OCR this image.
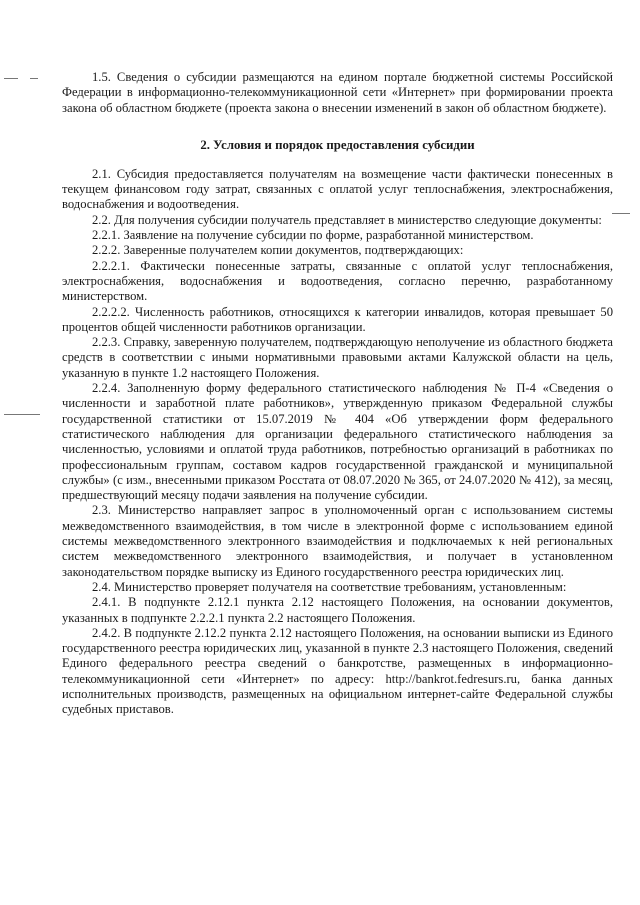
1.5. Сведения о субсидии размещаются на едином портале бюджетной системы Российской Федерации в информационно-телекоммуникационной сети «Интернет» при формировании проекта закона об областном бюджете (проекта закона о внесении изменений в закон об областном бюджете).

2. Условия и порядок предоставления субсидии

2.1. Субсидия предоставляется получателям на возмещение части фактически понесенных в текущем финансовом году затрат, связанных с оплатой услуг теплоснабжения, электроснабжения, водоснабжения и водоотведения.

2.2. Для получения субсидии получатель представляет в министерство следующие документы:

2.2.1. Заявление на получение субсидии по форме, разработанной министерством.

2.2.2. Заверенные получателем копии документов, подтверждающих:

2.2.2.1. Фактически понесенные затраты, связанные с оплатой услуг теплоснабжения, электроснабжения, водоснабжения и водоотведения, согласно перечню, разработанному министерством.

2.2.2.2. Численность работников, относящихся к категории инвалидов, которая превышает 50 процентов общей численности работников организации.

2.2.3. Справку, заверенную получателем, подтверждающую неполучение из областного бюджета средств в соответствии с иными нормативными правовыми актами Калужской области на цель, указанную в пункте 1.2 настоящего Положения.

2.2.4. Заполненную форму федерального статистического наблюдения № П-4 «Сведения о численности и заработной плате работников», утвержденную приказом Федеральной службы государственной статистики от 15.07.2019 № 404 «Об утверждении форм федерального статистического наблюдения для организации федерального статистического наблюдения за численностью, условиями и оплатой труда работников, потребностью организаций в работниках по профессиональным группам, составом кадров государственной гражданской и муниципальной службы» (с изм., внесенными приказом Росстата от 08.07.2020 № 365, от 24.07.2020 № 412), за месяц, предшествующий месяцу подачи заявления на получение субсидии.

2.3. Министерство направляет запрос в уполномоченный орган с использованием системы межведомственного взаимодействия, в том числе в электронной форме с использованием единой системы межведомственного электронного взаимодействия и подключаемых к ней региональных систем межведомственного электронного взаимодействия, и получает в установленном законодательством порядке выписку из Единого государственного реестра юридических лиц.

2.4. Министерство проверяет получателя на соответствие требованиям, установленным:

2.4.1. В подпункте 2.12.1 пункта 2.12 настоящего Положения, на основании документов, указанных в подпункте 2.2.2.1 пункта 2.2 настоящего Положения.

2.4.2. В подпункте 2.12.2 пункта 2.12 настоящего Положения, на основании выписки из Единого государственного реестра юридических лиц, указанной в пункте 2.3 настоящего Положения, сведений Единого федерального реестра сведений о банкротстве, размещенных в информационно-телекоммуникационной сети «Интернет» по адресу: http://bankrot.fedresurs.ru, банка данных исполнительных производств, размещенных на официальном интернет-сайте Федеральной службы судебных приставов.
